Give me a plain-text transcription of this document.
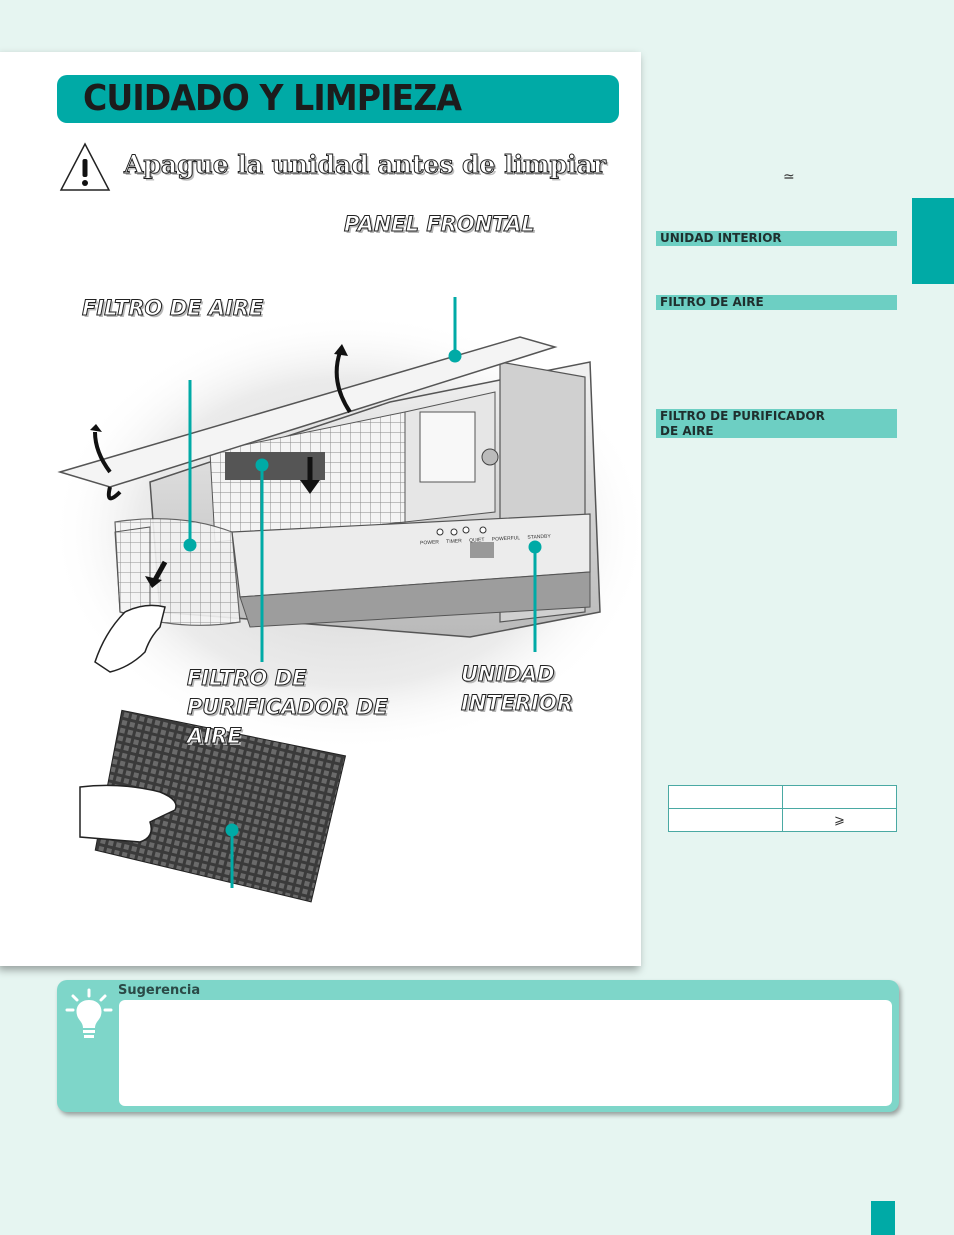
CUIDADO Y LIMPIEZA
Apague la unidad antes de limpiar
POWER TIMER QUIET POWERFUL STANDBY
PANEL FRONTAL
FILTRO DE AIRE
FILTRO DE PURIFICADOR DE AIRE
UNIDAD
INTERIOR
≃
UNIDAD INTERIOR
FILTRO DE AIRE
FILTRO DE PURIFICADOR
DE AIRE

	⩾
Sugerencia
